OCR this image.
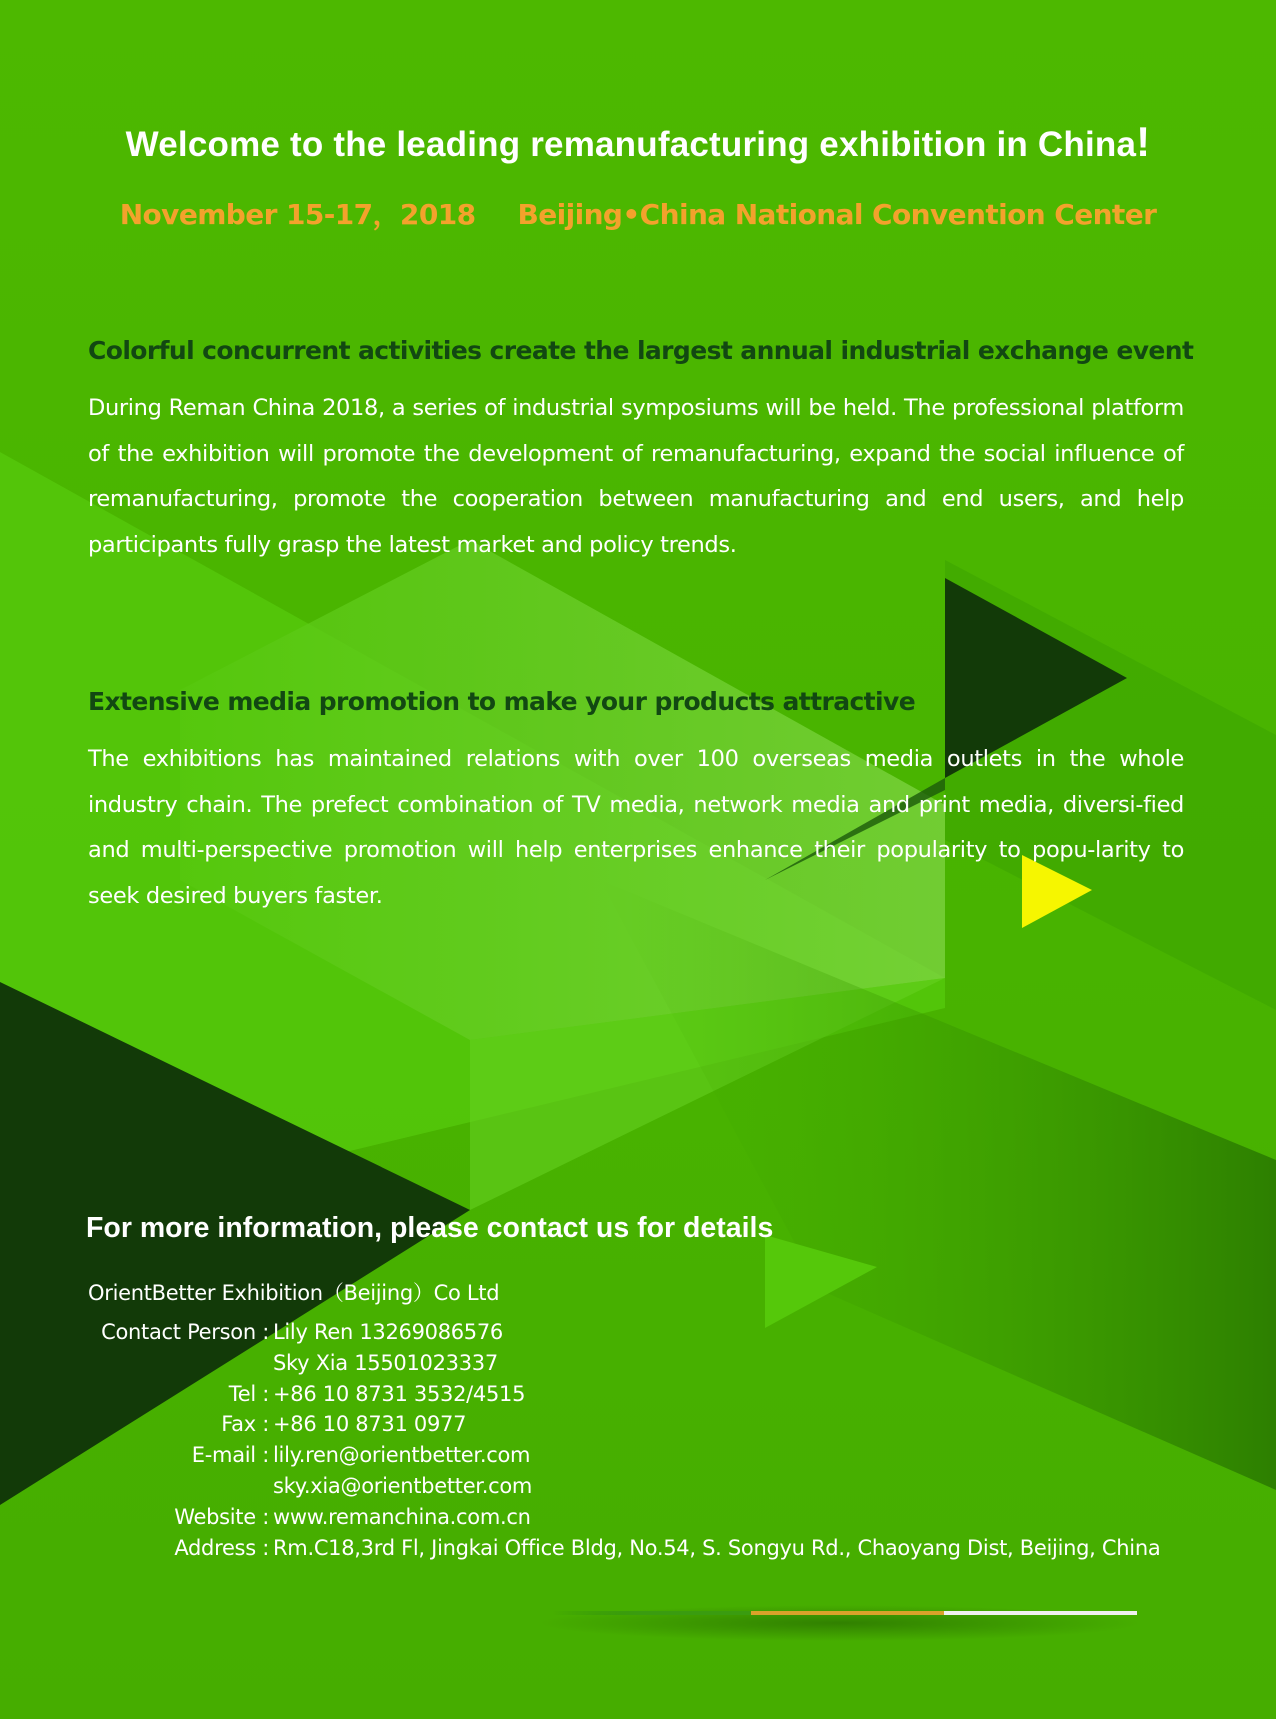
Welcome to the leading remanufacturing exhibition in China!

November 15-17，2018 Beijing•China National Convention Center

Colorful concurrent activities create the largest annual industrial exchange event

During Reman China 2018, a series of industrial symposiums will be held. The professional platform of the exhibition will promote the development of remanufacturing, expand the social influence of remanufacturing, promote the cooperation between manufacturing and end users, and help participants fully grasp the latest market and policy trends.

Extensive media promotion to make your products attractive

The exhibitions has maintained relations with over 100 overseas media outlets in the whole industry chain. The prefect combination of TV media, network media and print media, diversi-fied and multi-perspective promotion will help enterprises enhance their popularity to popu-larity to seek desired buyers faster.

For more information, please contact us for details

OrientBetter Exhibition（Beijing）Co Ltd

Contact Person :	Lily Ren 13269086576
	Sky Xia 15501023337
Tel :	+86 10 8731 3532/4515
Fax :	+86 10 8731 0977
E-mail :	lily.ren@orientbetter.com
	sky.xia@orientbetter.com
Website :	www.remanchina.com.cn
Address :	Rm.C18,3rd Fl, Jingkai Office Bldg, No.54, S. Songyu Rd., Chaoyang Dist, Beijing, China
